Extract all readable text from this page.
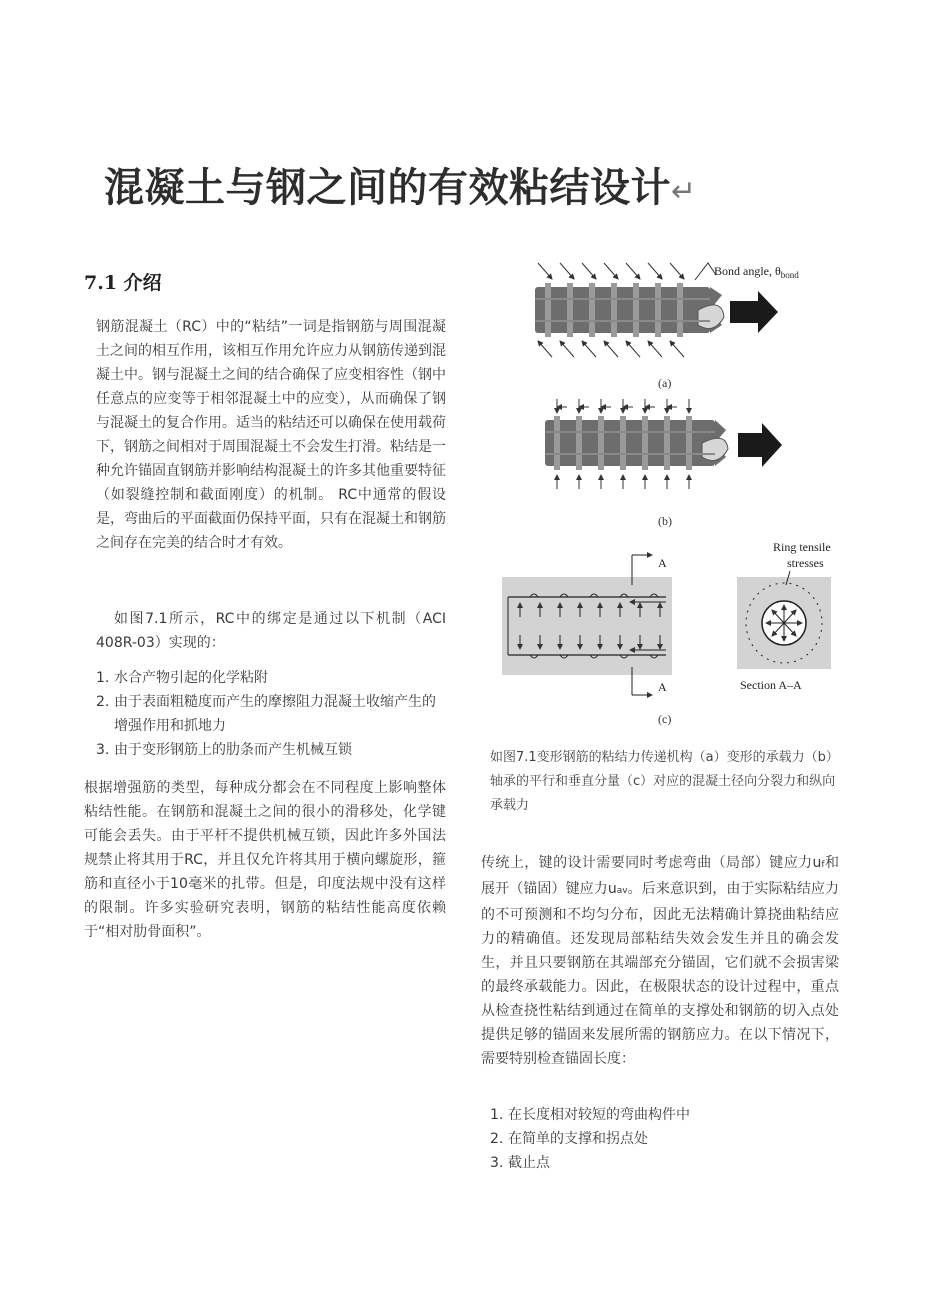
混凝土与钢之间的有效粘结设计↵
7.1 介绍
钢筋混凝土（RC）中的“粘结”一词是指钢筋与周围混凝土之间的相互作用，该相互作用允许应力从钢筋传递到混凝土中。钢与混凝土之间的结合确保了应变相容性（钢中任意点的应变等于相邻混凝土中的应变），从而确保了钢与混凝土的复合作用。适当的粘结还可以确保在使用载荷下，钢筋之间相对于周围混凝土不会发生打滑。粘结是一种允许锚固直钢筋并影响结构混凝土的许多其他重要特征（如裂缝控制和截面刚度）的机制。 RC中通常的假设是，弯曲后的平面截面仍保持平面，只有在混凝土和钢筋之间存在完美的结合时才有效。
如图7.1所示，RC中的绑定是通过以下机制（ACI 408R-03）实现的：
1. 水合产物引起的化学粘附
2. 由于表面粗糙度而产生的摩擦阻力混凝土收缩产生的增强作用和抓地力
3. 由于变形钢筋上的肋条而产生机械互锁
根据增强筋的类型，每种成分都会在不同程度上影响整体粘结性能。在钢筋和混凝土之间的很小的滑移处，化学键可能会丢失。由于平杆不提供机械互锁，因此许多外国法规禁止将其用于RC，并且仅允许将其用于横向螺旋形，箍筋和直径小于10毫米的扎带。但是，印度法规中没有这样的限制。许多实验研究表明，钢筋的粘结性能高度依赖于“相对肋骨面积”。
Bond angle, $\theta_{bond}$
(a)
(b)
A
A
Ring tensile
stresses
Section A–A
(c)
如图7.1变形钢筋的粘结力传递机构（a）变形的承载力（b）轴承的平行和垂直分量（c）对应的混凝土径向分裂力和纵向承载力
传统上，键的设计需要同时考虑弯曲（局部）键应力uf和展开（锚固）键应力uav。后来意识到，由于实际粘结应力的不可预测和不均匀分布，因此无法精确计算挠曲粘结应力的精确值。还发现局部粘结失效会发生并且的确会发生，并且只要钢筋在其端部充分锚固，它们就不会损害梁的最终承载能力。因此，在极限状态的设计过程中，重点从检查挠性粘结到通过在简单的支撑处和钢筋的切入点处提供足够的锚固来发展所需的钢筋应力。在以下情况下，需要特别检查锚固长度：
1. 在长度相对较短的弯曲构件中
2. 在简单的支撑和拐点处
3. 截止点
